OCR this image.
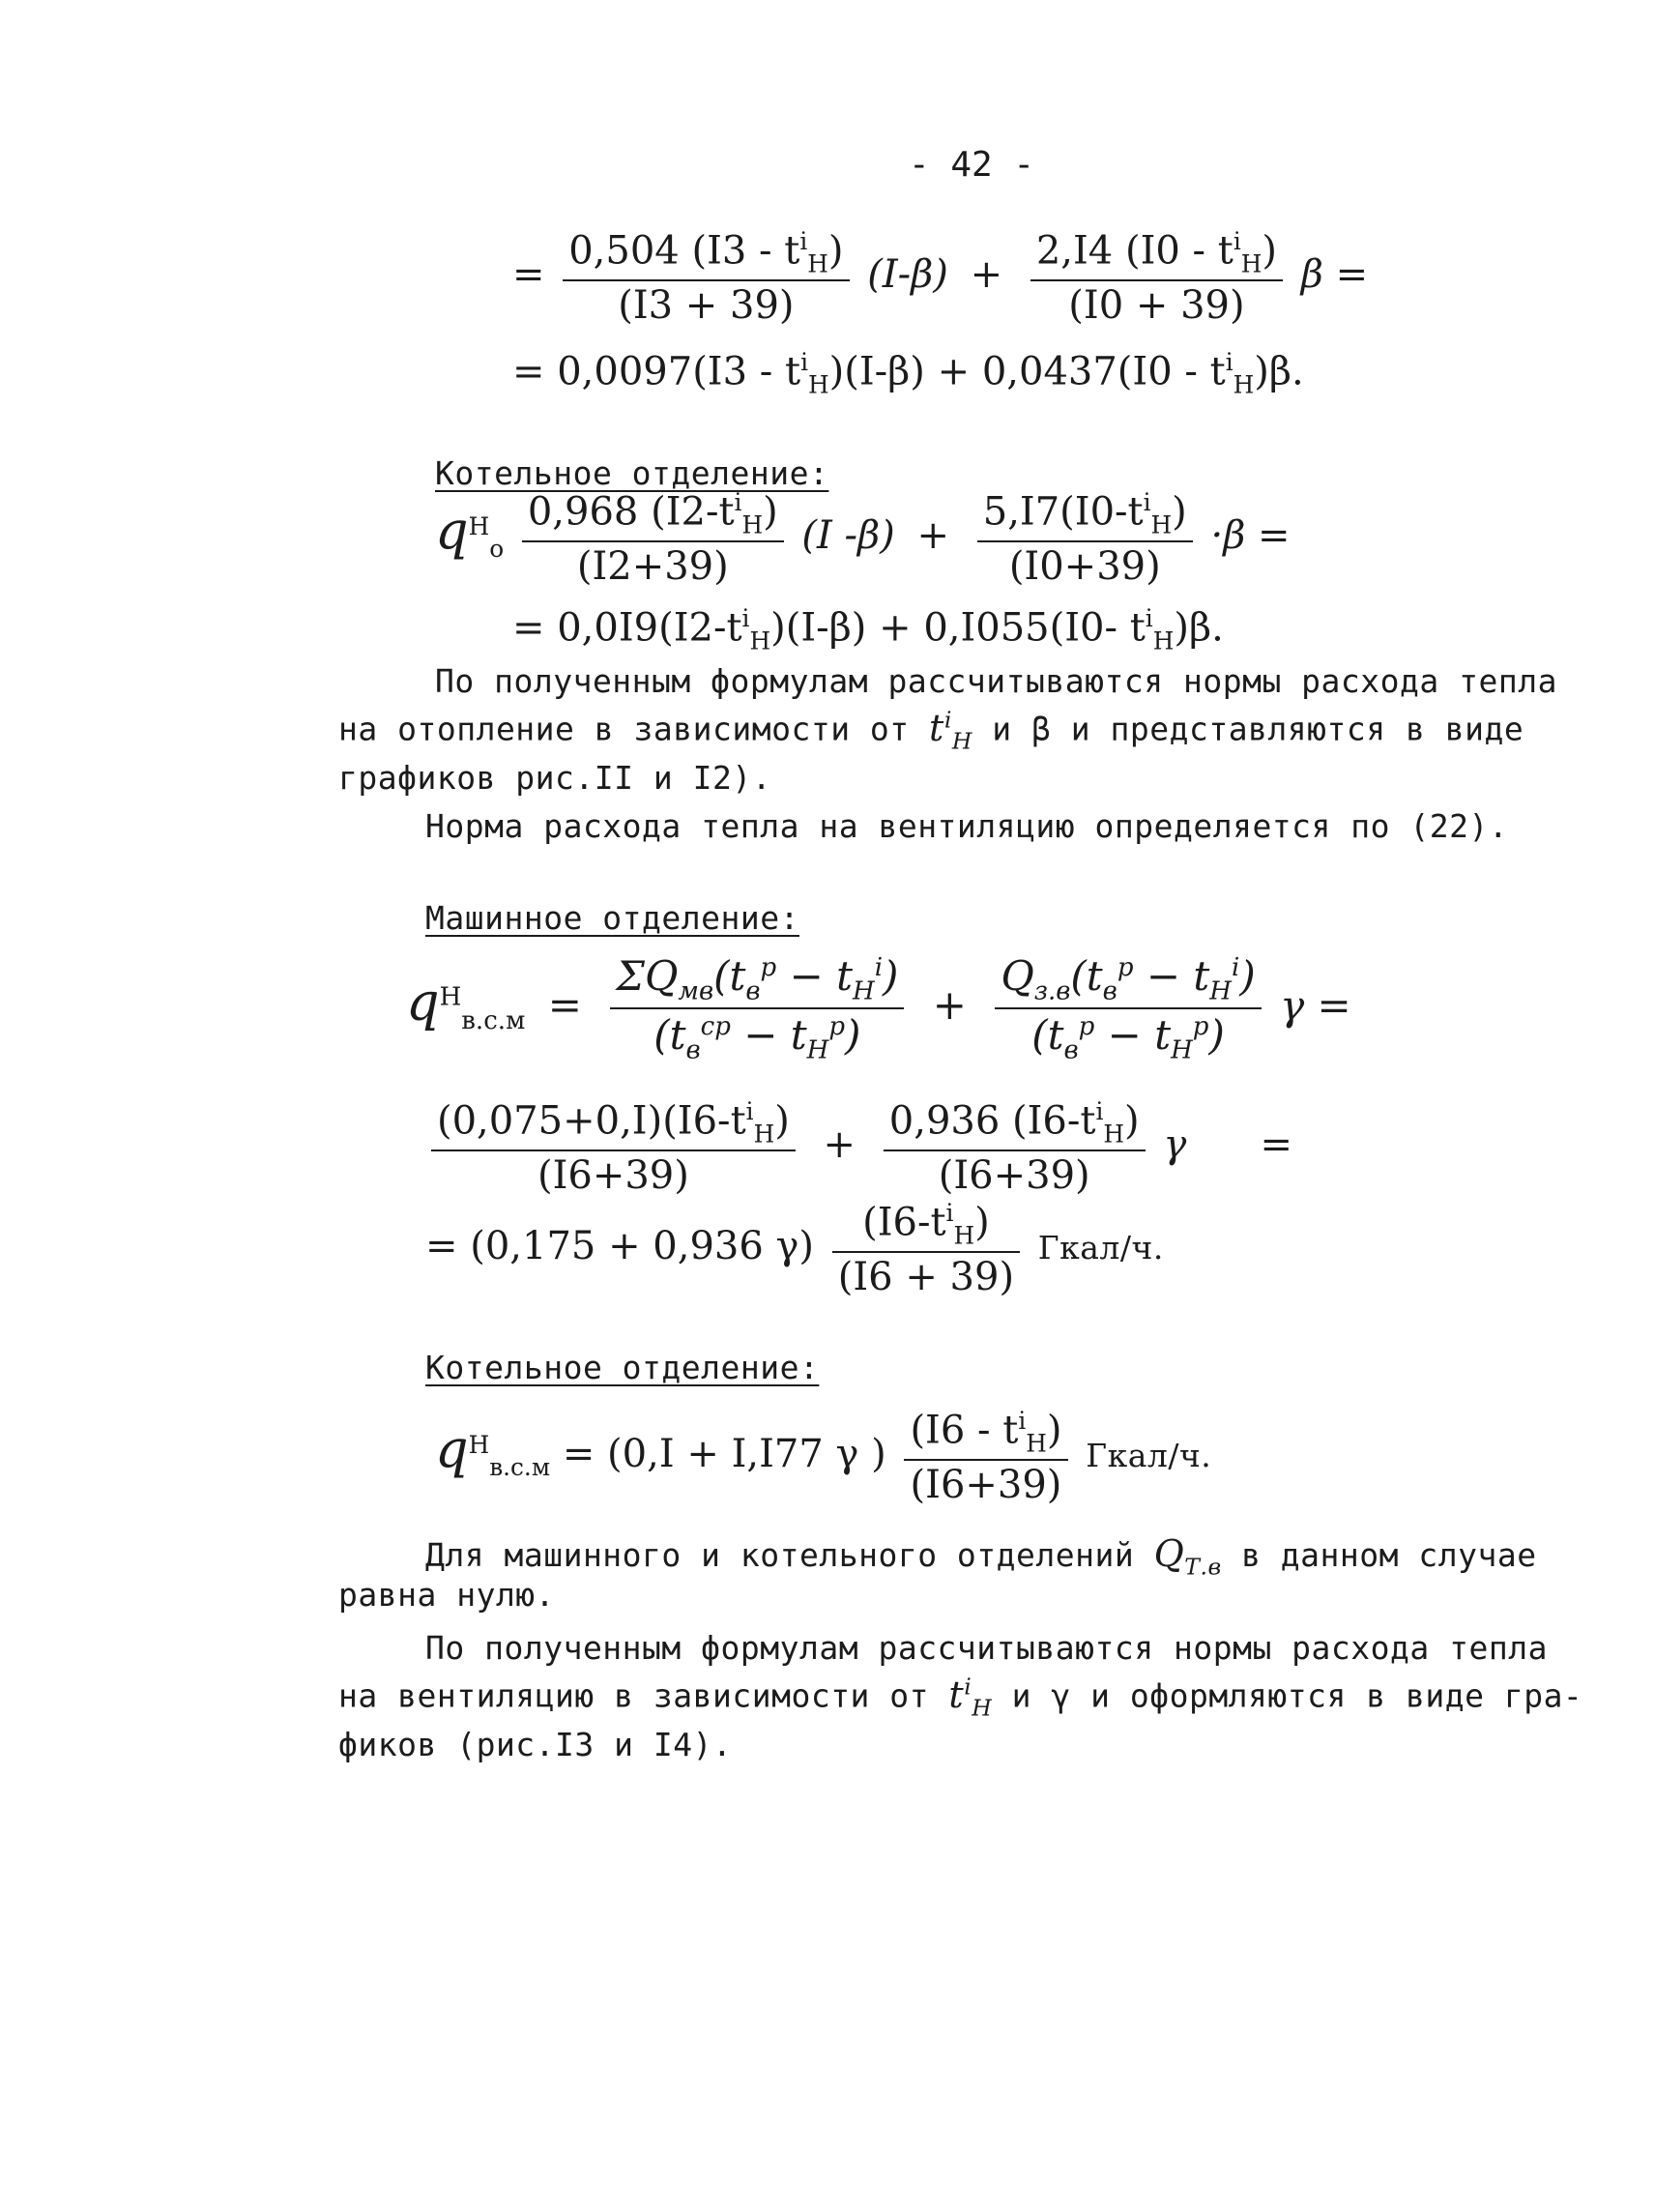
- 42 -
= $\frac{0,504 (I3 - t^i_H)}{(I3 + 39)} (I-\beta) + \frac{2,I4 (I0 - t^i_H)}{(I0 + 39)}$ β =
= $0,0097(I3 - t^i_H)(I-\beta) + 0,0437(I0 - t^i_H)\beta$.
Котельное отделение:
$q^H_o \frac{0,968 (I2-t^i_H)}{(I2+39)} (I$ $-\beta) + \frac{5,I7(I0-t^i_H)}{(I0+39)} \cdot\beta$ =
= $0,0I9(I2-t^i_H)(I-\beta) + 0,I055(I0-$ $t^i_H)\beta$.
По полученным формулам рассчитываются нормы расхода тепла
на отопление в зависимости от $t^i_H$ и β и представляются в виде
графиков рис.II и I2).
Норма расхода тепла на вентиляцию определяется по (22).
Машинное отделение:
$q^H_{в.с.м} = \frac{\Sigma Q_{мв}(t_в^р - t_Н^i)}{(t_в^{ср} - t_Н^р)} + \frac{Q_{з.в}(t_в^р - t_Н^i)}{(t_в^р - t_Н^р)}$ γ =
$\frac{(0,075+0,I)(I6-t^i_H)}{(I6+39)} + \frac{0,936 (I6-t^i_H)}{(I6+39)}$ γ      =
= (0,175 + 0,936 $\gamma) \frac{(I6-t^i_H)}{(I6 + 39)}$ Гкал/ч.
Котельное отделение:
$q^H_{в.с.м} = (0,I + I,I77$ γ ) $\frac{(I6 - t^i_H)}{(I6+39)}$ Гкал/ч.
Для машинного и котельного отделений $Q_{Т.в}$ в данном случае
равна нулю.
По полученным формулам рассчитываются нормы расхода тепла
на вентиляцию в зависимости от $t^i_H$ и γ и оформляются в виде гра-
фиков (рис.I3 и I4).
